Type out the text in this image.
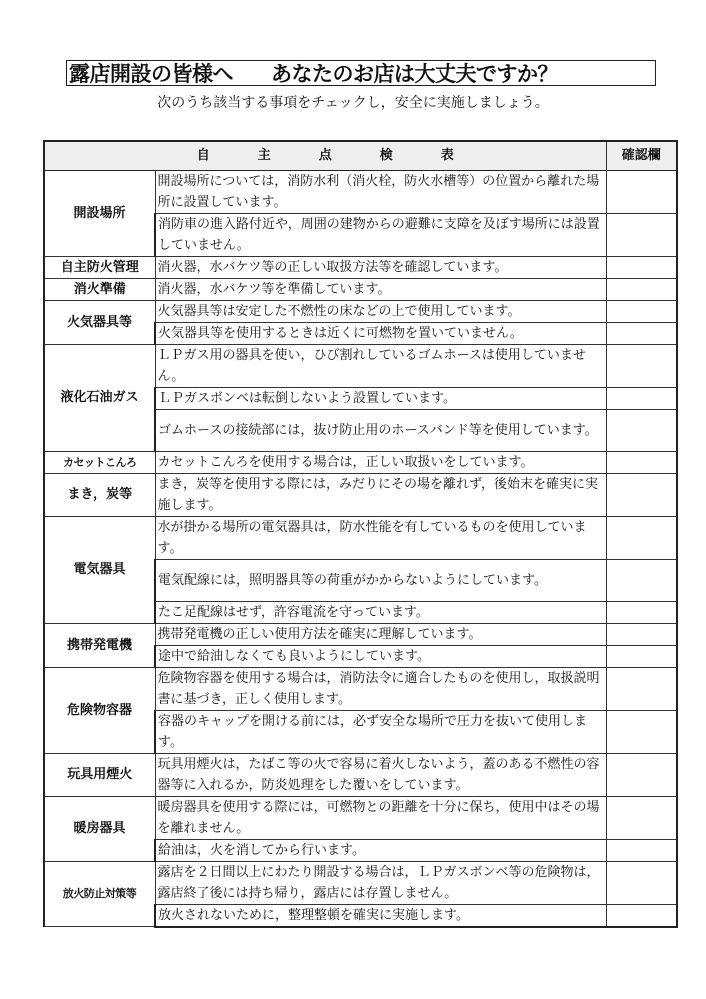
露店開設の皆様へ あなたのお店は大丈夫ですか？
次のうち該当する事項をチェックし，安全に実施しましょう。
自主点検表		確認欄
開設場所	開設場所については，消防水利（消火栓，防火水槽等）の位置から離れた場所に設置しています。	
	消防車の進入路付近や，周囲の建物からの避難に支障を及ぼす場所には設置していません。	
自主防火管理	消火器，水バケツ等の正しい取扱方法等を確認しています。	
消火準備	消火器，水バケツ等を準備しています。	
火気器具等	火気器具等は安定した不燃性の床などの上で使用しています。	
	火気器具等を使用するときは近くに可燃物を置いていません。	
液化石油ガス	ＬＰガス用の器具を使い，ひび割れしているゴムホースは使用していません。	
	ＬＰガスボンベは転倒しないよう設置しています。	
	ゴムホースの接続部には，抜け防止用のホースバンド等を使用しています。	
カセットこんろ	カセットこんろを使用する場合は，正しい取扱いをしています。	
まき，炭等	まき，炭等を使用する際には，みだりにその場を離れず，後始末を確実に実施します。	
電気器具	水が掛かる場所の電気器具は，防水性能を有しているものを使用しています。	
	電気配線には，照明器具等の荷重がかからないようにしています。	
	たこ足配線はせず，許容電流を守っています。	
携帯発電機	携帯発電機の正しい使用方法を確実に理解しています。	
	途中で給油しなくても良いようにしています。	
危険物容器	危険物容器を使用する場合は，消防法令に適合したものを使用し，取扱説明書に基づき，正しく使用します。	
	容器のキャップを開ける前には，必ず安全な場所で圧力を抜いて使用します。	
玩具用煙火	玩具用煙火は，たばこ等の火で容易に着火しないよう，蓋のある不燃性の容器等に入れるか，防炎処理をした覆いをしています。	
暖房器具	暖房器具を使用する際には，可燃物との距離を十分に保ち，使用中はその場を離れません。	
	給油は，火を消してから行います。	
放火防止対策等	露店を２日間以上にわたり開設する場合は，ＬＰガスボンベ等の危険物は，露店終了後には持ち帰り，露店には存置しません。	
	放火されないために，整理整頓を確実に実施します。	
